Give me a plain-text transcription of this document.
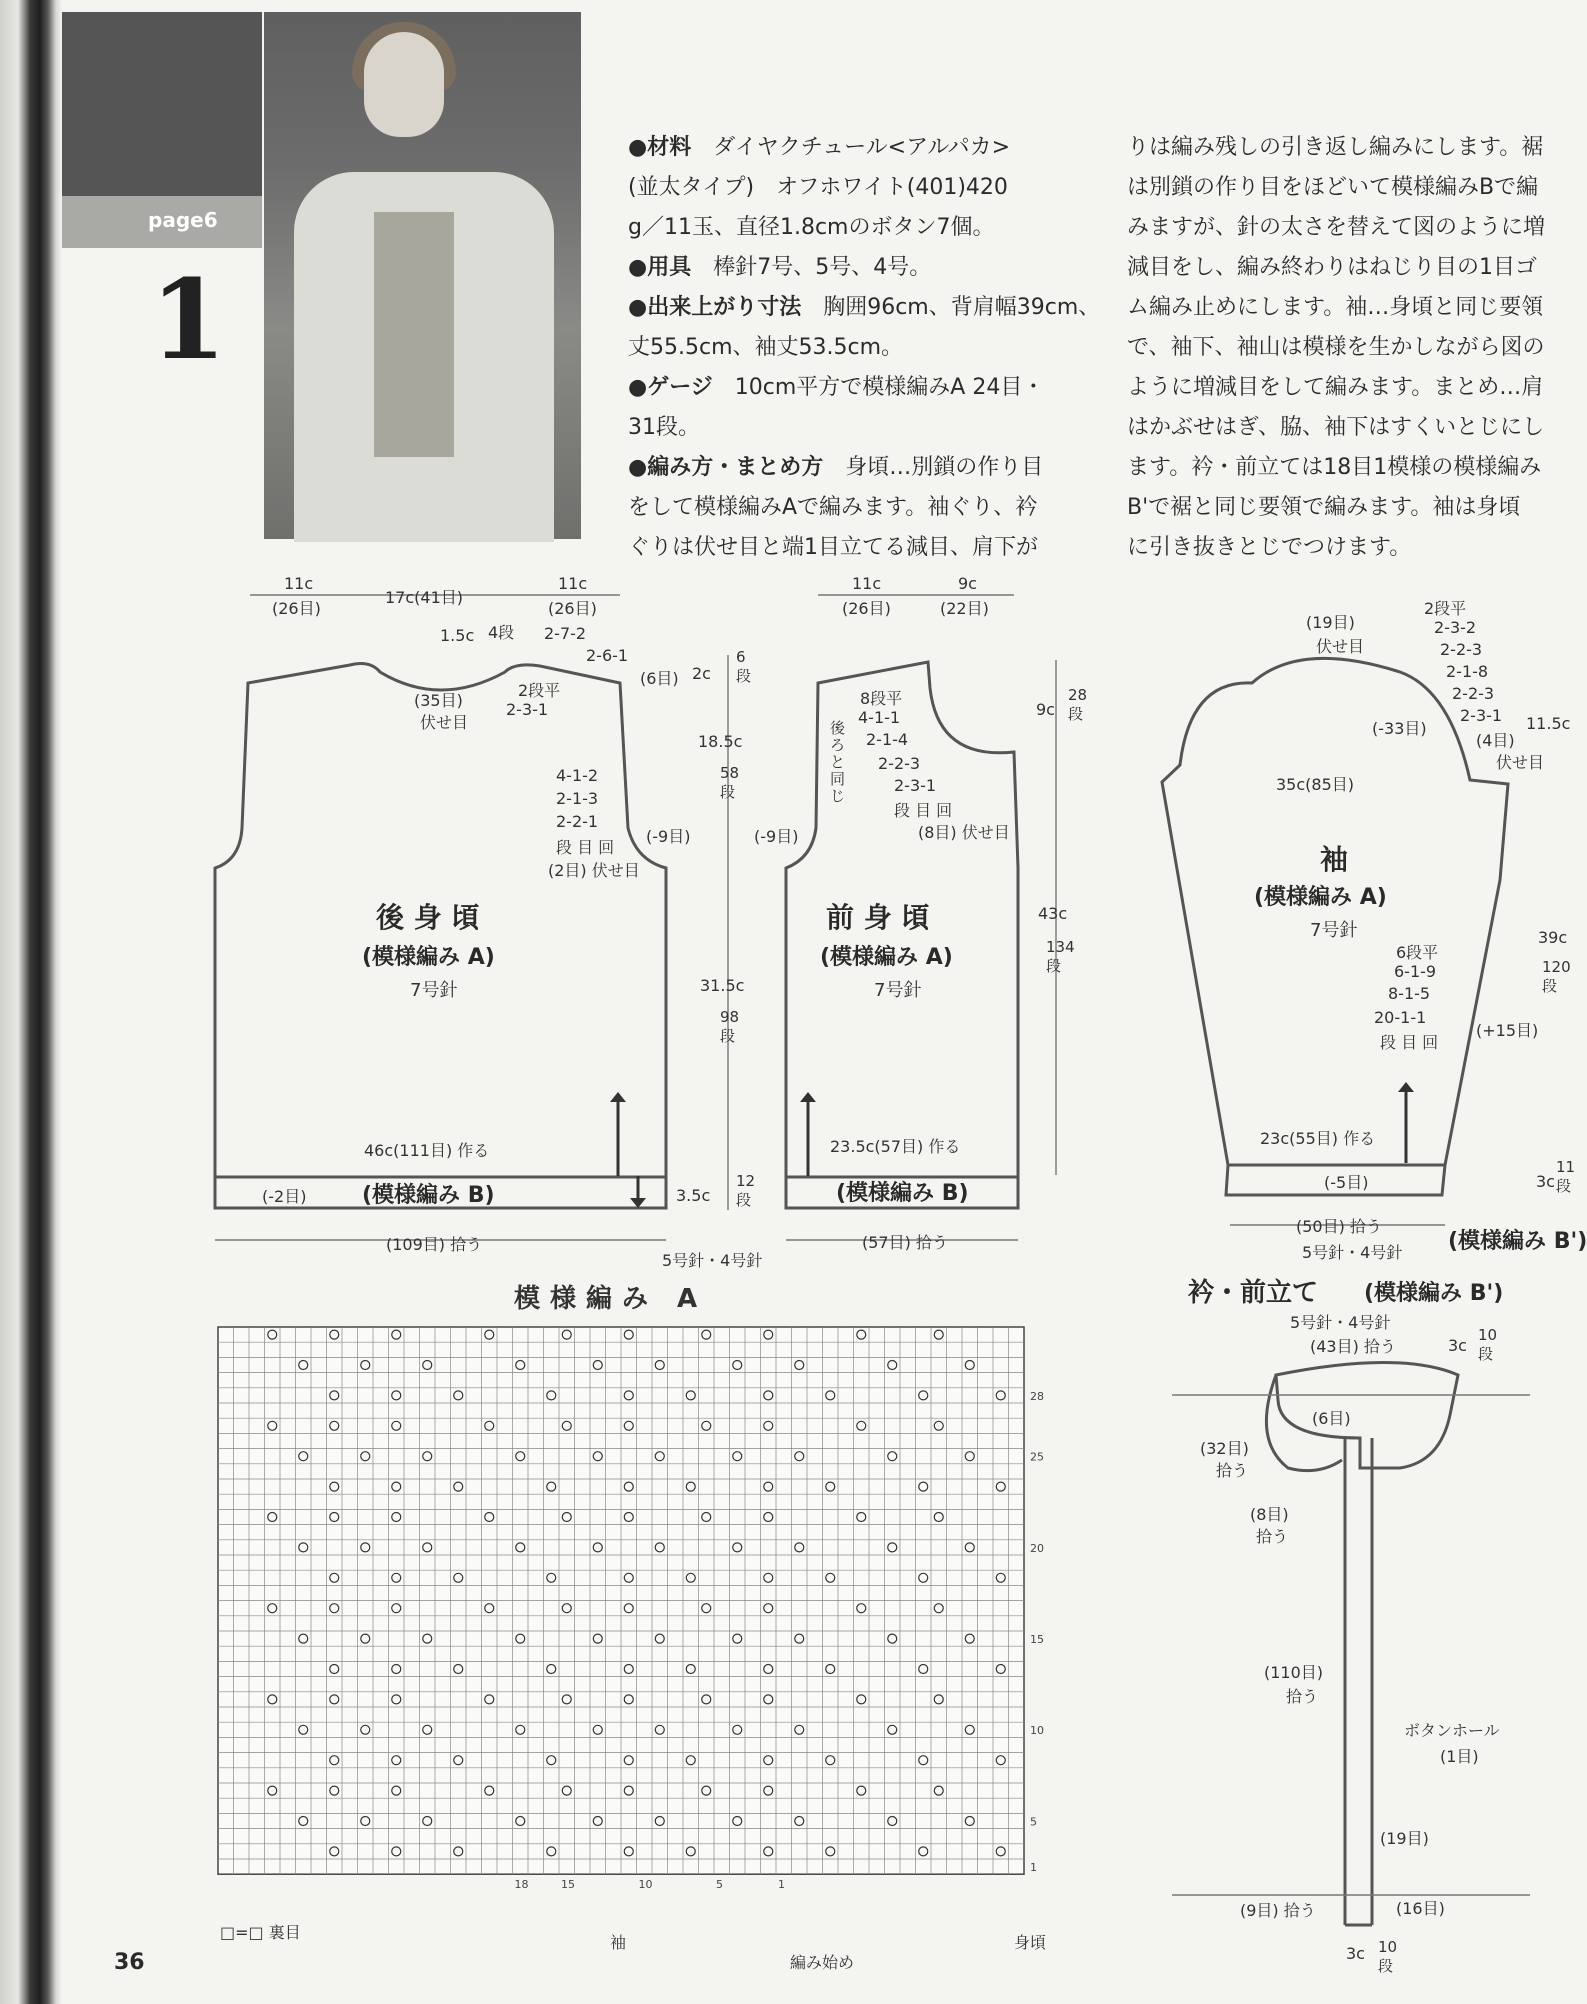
page6
1
●材料　ダイヤクチュール<アルパカ>
(並太タイプ)　オフホワイト(401)420
g／11玉、直径1.8cmのボタン7個。
●用具　棒針7号、5号、4号。
●出来上がり寸法　胸囲96cm、背肩幅39cm、
丈55.5cm、袖丈53.5cm。
●ゲージ　10cm平方で模様編みA 24目・
31段。
●編み方・まとめ方　身頃…別鎖の作り目
をして模様編みAで編みます。袖ぐり、衿
ぐりは伏せ目と端1目立てる減目、肩下が
りは編み残しの引き返し編みにします。裾
は別鎖の作り目をほどいて模様編みBで編
みますが、針の太さを替えて図のように増
減目をし、編み終わりはねじり目の1目ゴ
ム編み止めにします。袖…身頃と同じ要領
で、袖下、袖山は模様を生かしながら図の
ように増減目をして編みます。まとめ…肩
はかぶせはぎ、脇、袖下はすくいとじにし
ます。衿・前立ては18目1模様の模様編み
B'で裾と同じ要領で編みます。袖は身頃
に引き抜きとじでつけます。
11c
(26目)
17c(41目)
11c
(26目)
1.5c 4段 2-7-2
2-6-1
(6目)
(35目)
伏せ目
2段平
2-3-1
4-1-2
2-1-3
2-2-1
段 目 回
(2目) 伏せ目
(-9目)
後 身 頃
(模様編み A)
7号針
46c(111目) 作る
(模様編み B)
(-2目)
(109目) 拾う
2c
6段
18.5c
58段
31.5c
98段
3.5c
12段
5号針・4号針
11c
(26目)
9c
(22目)
後ろと同じ
8段平
4-1-1
2-1-4
2-2-3
2-3-1
段 目 回
(8目) 伏せ目
(-9目)
前 身 頃
(模様編み A)
7号針
23.5c(57目) 作る
(模様編み B)
(57目) 拾う
9c
28段
43c
134段
(19目)
伏せ目
2段平
2-3-2
2-2-3
2-1-8
2-2-3
2-3-1
(-33目)
(4目)
伏せ目
11.5c
35c(85目)
袖
(模様編み A)
7号針
6段平
6-1-9
8-1-5
20-1-1
段 目 回
39c
120段
(+15目)
23c(55目) 作る
(-5目)	3c
11段
(50目) 拾う
5号針・4号針 (模様編み B')
衿・前立て (模様編み B')
5号針・4号針
(43目) 拾う	3c
10段
(6目)
(32目)
拾う
(8目)
拾う
(110目)
拾う
ボタンホール
(1目)
(19目)
(9目) 拾う	(16目)
3c 10段
模様編み A
28
25
20
15
10
5
1
18	15	10	5	1
□=□ 裏目
袖	身頃
編み始め
36
